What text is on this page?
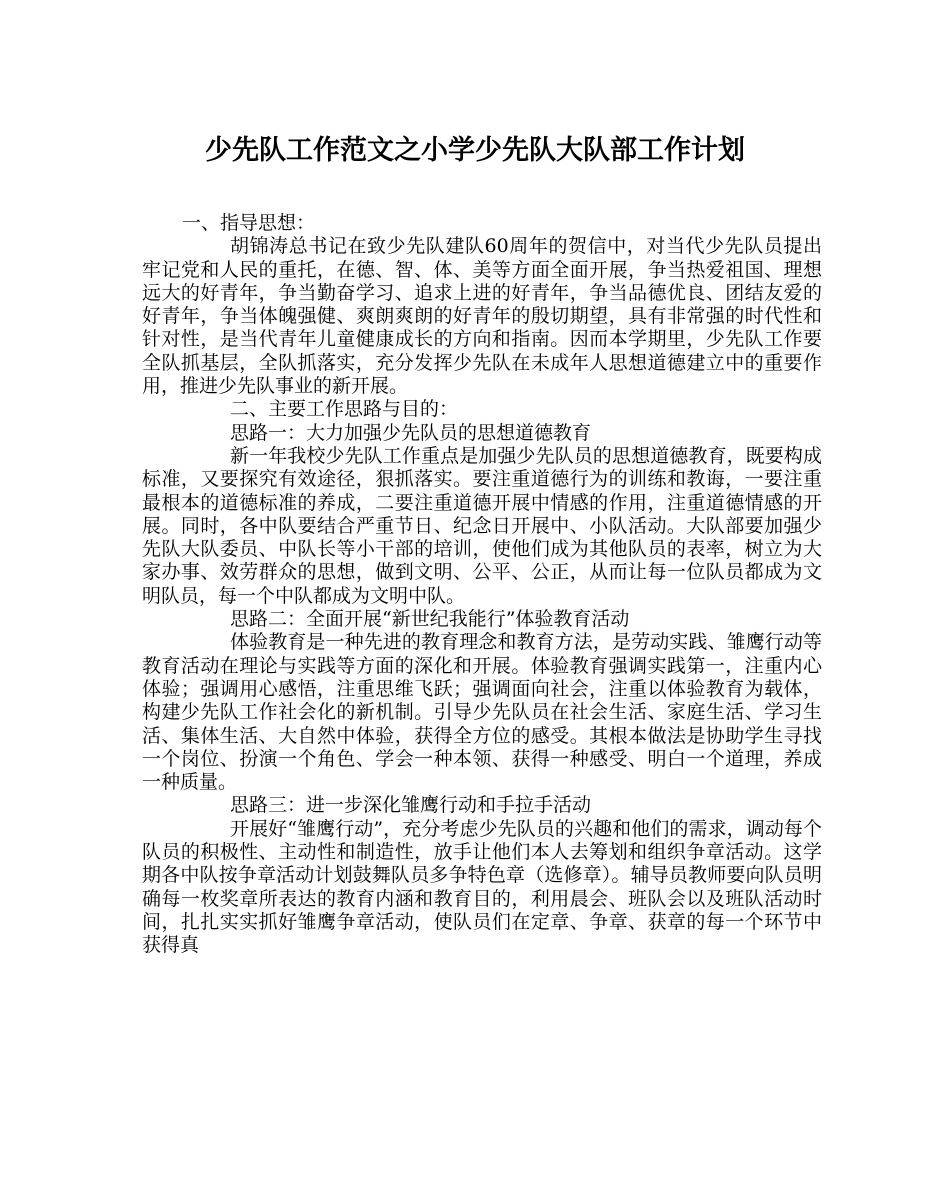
少先队工作范文之小学少先队大队部工作计划

一、指导思想：

胡锦涛总书记在致少先队建队60周年的贺信中，对当代少先队员提出牢记党和人民的重托，在德、智、体、美等方面全面开展，争当热爱祖国、理想远大的好青年，争当勤奋学习、追求上进的好青年，争当品德优良、团结友爱的好青年，争当体魄强健、爽朗爽朗的好青年的殷切期望，具有非常强的时代性和针对性，是当代青年儿童健康成长的方向和指南。因而本学期里，少先队工作要全队抓基层，全队抓落实，充分发挥少先队在未成年人思想道德建立中的重要作用，推进少先队事业的新开展。

二、主要工作思路与目的：

思路一：大力加强少先队员的思想道德教育

新一年我校少先队工作重点是加强少先队员的思想道德教育，既要构成标准，又要探究有效途径，狠抓落实。要注重道德行为的训练和教诲，一要注重最根本的道德标准的养成，二要注重道德开展中情感的作用，注重道德情感的开展。同时，各中队要结合严重节日、纪念日开展中、小队活动。大队部要加强少先队大队委员、中队长等小干部的培训，使他们成为其他队员的表率，树立为大家办事、效劳群众的思想，做到文明、公平、公正，从而让每一位队员都成为文明队员，每一个中队都成为文明中队。

思路二：全面开展“新世纪我能行”体验教育活动

体验教育是一种先进的教育理念和教育方法，是劳动实践、雏鹰行动等教育活动在理论与实践等方面的深化和开展。体验教育强调实践第一，注重内心体验；强调用心感悟，注重思维飞跃；强调面向社会，注重以体验教育为载体，构建少先队工作社会化的新机制。引导少先队员在社会生活、家庭生活、学习生活、集体生活、大自然中体验，获得全方位的感受。其根本做法是协助学生寻找一个岗位、扮演一个角色、学会一种本领、获得一种感受、明白一个道理，养成一种质量。

思路三：进一步深化雏鹰行动和手拉手活动

开展好“雏鹰行动”，充分考虑少先队员的兴趣和他们的需求，调动每个队员的积极性、主动性和制造性，放手让他们本人去筹划和组织争章活动。这学期各中队按争章活动计划鼓舞队员多争特色章（选修章）。辅导员教师要向队员明确每一枚奖章所表达的教育内涵和教育目的，利用晨会、班队会以及班队活动时间，扎扎实实抓好雏鹰争章活动，使队员们在定章、争章、获章的每一个环节中获得真
